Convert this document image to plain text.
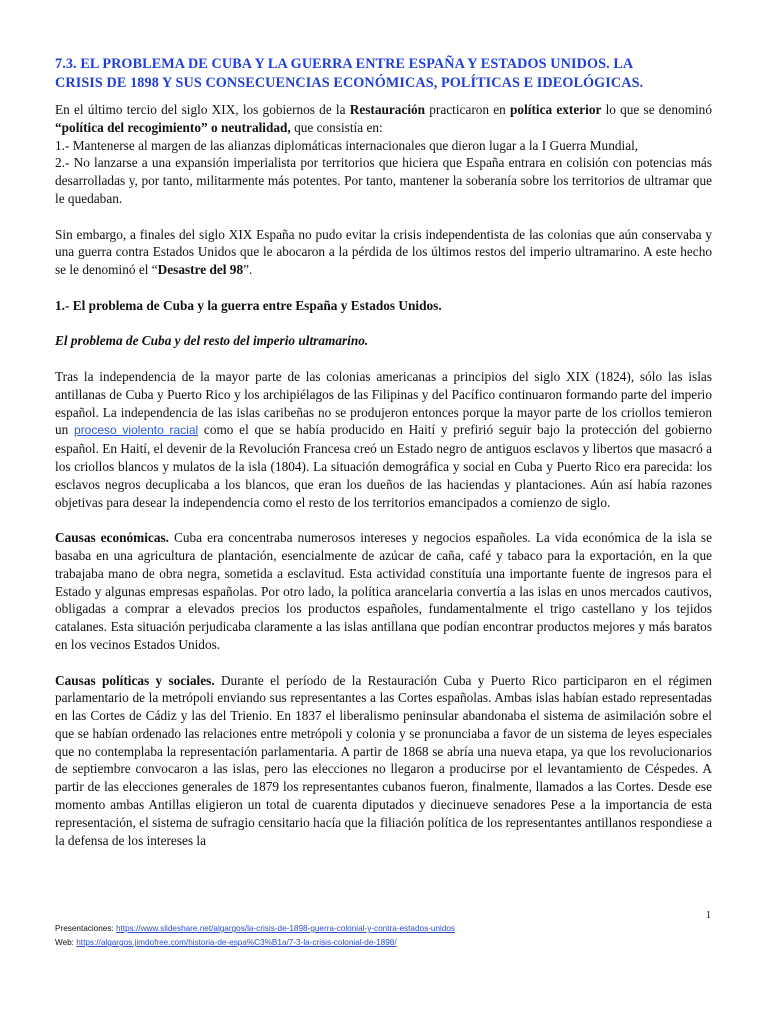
7.3. EL PROBLEMA DE CUBA Y LA GUERRA ENTRE ESPAÑA Y ESTADOS UNIDOS. LA
CRISIS DE 1898 Y SUS CONSECUENCIAS ECONÓMICAS, POLÍTICAS E IDEOLÓGICAS.

En el último tercio del siglo XIX, los gobiernos de la Restauración practicaron en política exterior lo que se denominó “política del recogimiento” o neutralidad, que consistía en:

1.- Mantenerse al margen de las alianzas diplomáticas internacionales que dieron lugar a la I Guerra Mundial,

2.- No lanzarse a una expansión imperialista por territorios que hiciera que España entrara en colisión con potencias más desarrolladas y, por tanto, militarmente más potentes. Por tanto, mantener la soberanía sobre los territorios de ultramar que le quedaban.

Sin embargo, a finales del siglo XIX España no pudo evitar la crisis independentista de las colonias que aún conservaba y una guerra contra Estados Unidos que le abocaron a la pérdida de los últimos restos del imperio ultramarino. A este hecho se le denominó el “Desastre del 98”.

1.- El problema de Cuba y la guerra entre España y Estados Unidos.

El problema de Cuba y del resto del imperio ultramarino.

Tras la independencia de la mayor parte de las colonias americanas a principios del siglo XIX (1824), sólo las islas antillanas de Cuba y Puerto Rico y los archipiélagos de las Filipinas y del Pacífico continuaron formando parte del imperio español. La independencia de las islas caribeñas no se produjeron entonces porque la mayor parte de los criollos temieron un proceso violento racial como el que se había producido en Haití y prefirió seguir bajo la protección del gobierno español. En Haití, el devenir de la Revolución Francesa creó un Estado negro de antiguos esclavos y libertos que masacró a los criollos blancos y mulatos de la isla (1804). La situación demográfica y social en Cuba y Puerto Rico era parecida: los esclavos negros decuplicaba a los blancos, que eran los dueños de las haciendas y plantaciones. Aún así había razones objetivas para desear la independencia como el resto de los territorios emancipados a comienzo de siglo.

Causas económicas. Cuba era concentraba numerosos intereses y negocios españoles. La vida económica de la isla se basaba en una agricultura de plantación, esencialmente de azúcar de caña, café y tabaco para la exportación, en la que trabajaba mano de obra negra, sometida a esclavitud. Esta actividad constituía una importante fuente de ingresos para el Estado y algunas empresas españolas. Por otro lado, la política arancelaria convertía a las islas en unos mercados cautivos, obligadas a comprar a elevados precios los productos españoles, fundamentalmente el trigo castellano y los tejidos catalanes. Esta situación perjudicaba claramente a las islas antillana que podían encontrar productos mejores y más baratos en los vecinos Estados Unidos.

Causas políticas y sociales. Durante el período de la Restauración Cuba y Puerto Rico participaron en el régimen parlamentario de la metrópoli enviando sus representantes a las Cortes españolas. Ambas islas habían estado representadas en las Cortes de Cádiz y las del Trienio. En 1837 el liberalismo peninsular abandonaba el sistema de asimilación sobre el que se habían ordenado las relaciones entre metrópoli y colonia y se pronunciaba a favor de un sistema de leyes especiales que no contemplaba la representación parlamentaria. A partir de 1868 se abría una nueva etapa, ya que los revolucionarios de septiembre convocaron a las islas, pero las elecciones no llegaron a producirse por el levantamiento de Céspedes. A partir de las elecciones generales de 1879 los representantes cubanos fueron, finalmente, llamados a las Cortes. Desde ese momento ambas Antillas eligieron un total de cuarenta diputados y diecinueve senadores Pese a la importancia de esta representación, el sistema de sufragio censitario hacía que la filiación política de los representantes antillanos respondiese a la defensa de los intereses la

1
Presentaciones: https://www.slideshare.net/algargos/la-crisis-de-1898-guerra-colonial-y-contra-estados-unidos
Web: https://algargos.jimdofree.com/historia-de-espa%C3%B1a/7-3-la-crisis-colonial-de-1898/
